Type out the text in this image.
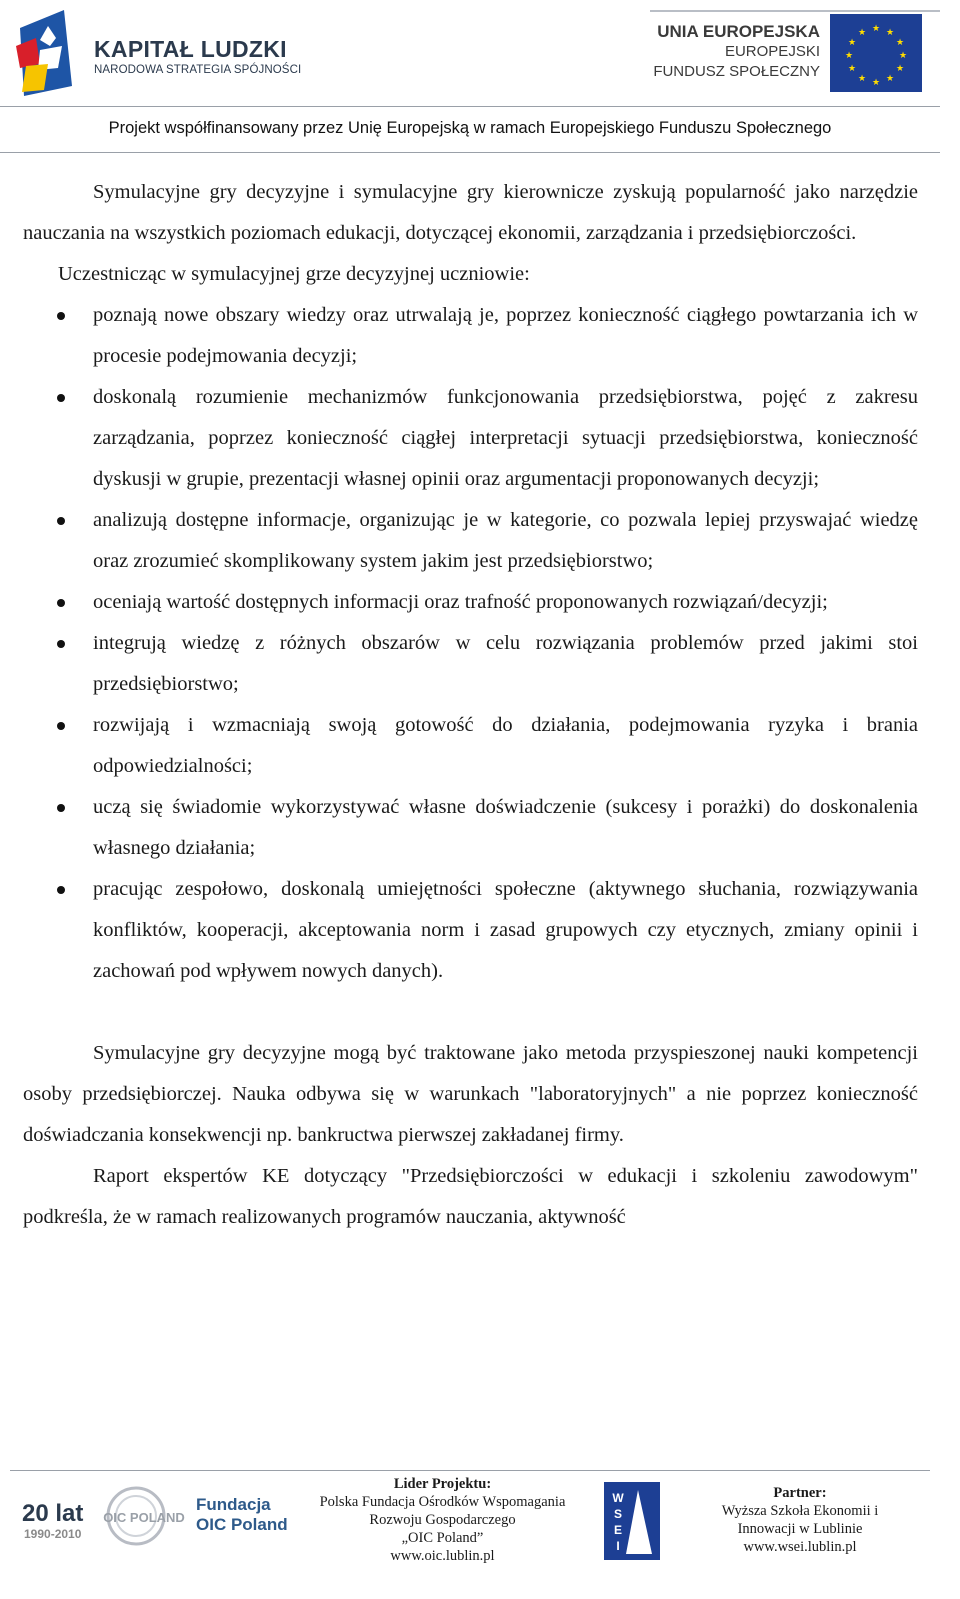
KAPITAŁ LUDZKI
NARODOWA STRATEGIA SPÓJNOŚCI
UNIA EUROPEJSKA
EUROPEJSKI
FUNDUSZ SPOŁECZNY
★ ★
★
★
★
★
★
★
★
★
★
★
Projekt współfinansowany przez Unię Europejską w ramach Europejskiego Funduszu Społecznego

Symulacyjne gry decyzyjne i symulacyjne gry kierownicze zyskują popularność jako narzędzie nauczania na wszystkich poziomach edukacji, dotyczącej ekonomii, zarządzania i przedsiębiorczości.

Uczestnicząc w symulacyjnej grze decyzyjnej uczniowie:

poznają nowe obszary wiedzy oraz utrwalają je, poprzez konieczność ciągłego powtarzania ich w procesie podejmowania decyzji;
doskonalą rozumienie mechanizmów funkcjonowania przedsiębiorstwa, pojęć z zakresu zarządzania, poprzez konieczność ciągłej interpretacji sytuacji przedsiębiorstwa, konieczność dyskusji w grupie, prezentacji własnej opinii oraz argumentacji proponowanych decyzji;
analizują dostępne informacje, organizując je w kategorie, co pozwala lepiej przyswajać wiedzę oraz zrozumieć skomplikowany system jakim jest przedsiębiorstwo;
oceniają wartość dostępnych informacji oraz trafność proponowanych rozwiązań/decyzji;
integrują wiedzę z różnych obszarów w celu rozwiązania problemów przed jakimi stoi przedsiębiorstwo;
rozwijają i wzmacniają swoją gotowość do działania, podejmowania ryzyka i brania odpowiedzialności;
uczą się świadomie wykorzystywać własne doświadczenie (sukcesy i porażki) do doskonalenia własnego działania;
pracując zespołowo, doskonalą umiejętności społeczne (aktywnego słuchania, rozwiązywania konfliktów, kooperacji, akceptowania norm i zasad grupowych czy etycznych, zmiany opinii i zachowań pod wpływem nowych danych).

Symulacyjne gry decyzyjne mogą być traktowane jako metoda przyspieszonej nauki kompetencji osoby przedsiębiorczej. Nauka odbywa się w warunkach "laboratoryjnych" a nie poprzez konieczność doświadczania konsekwencji np. bankructwa pierwszej zakładanej firmy.

Raport ekspertów KE dotyczący "Przedsiębiorczości w edukacji i szkoleniu zawodowym" podkreśla, że w ramach realizowanych programów nauczania, aktywność

20 lat
1990-2010
OIC POLAND
Fundacja
OIC Poland
Lider Projektu:
Polska Fundacja Ośrodków Wspomagania
Rozwoju Gospodarczego
„OIC Poland”
www.oic.lublin.pl
W
S
E
I
Partner:
Wyższa Szkoła Ekonomii i
Innowacji w Lublinie
www.wsei.lublin.pl
